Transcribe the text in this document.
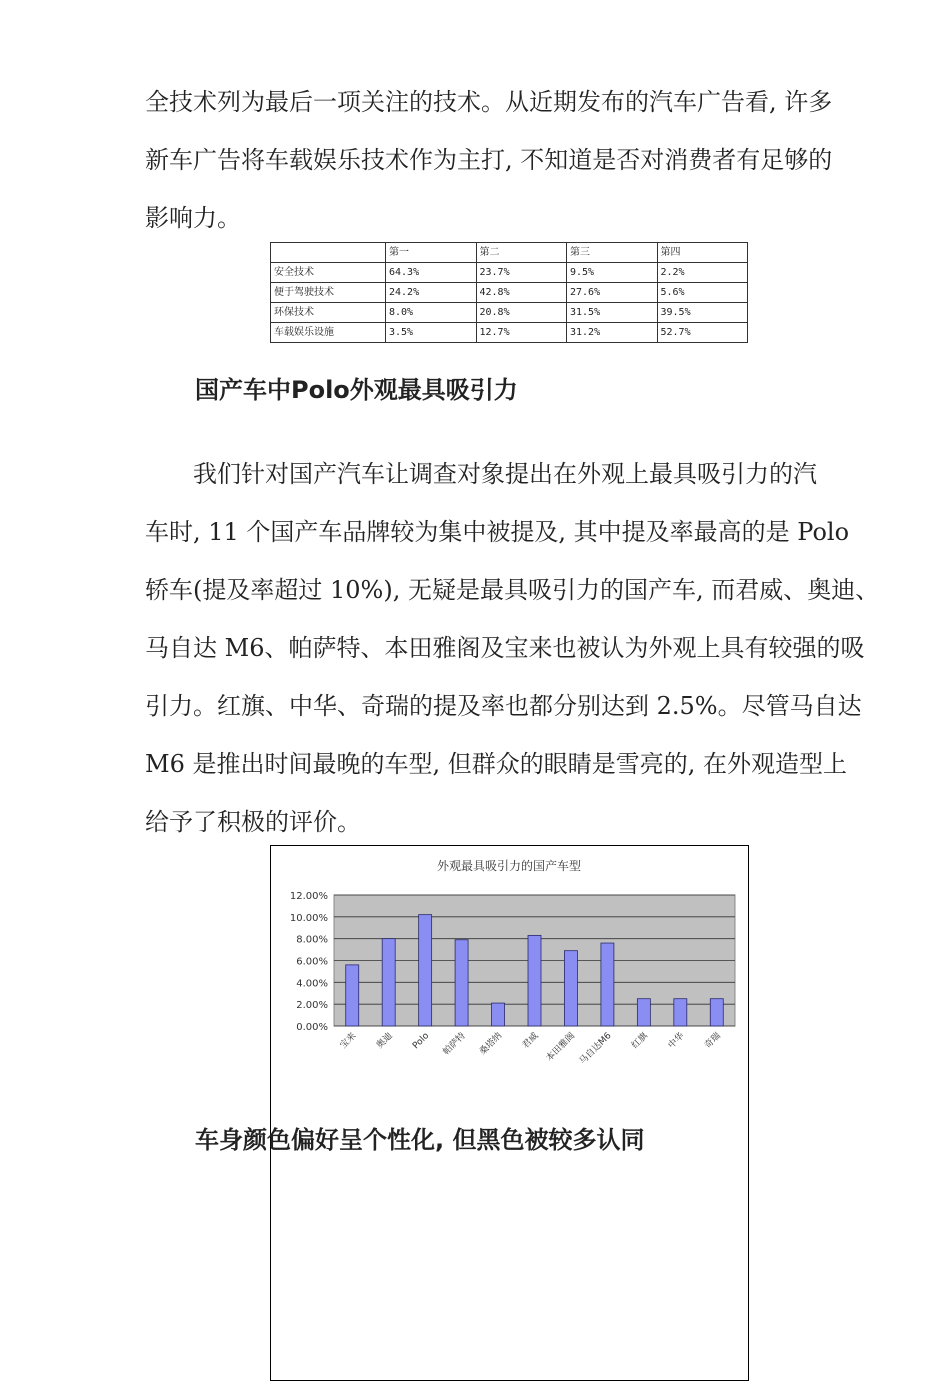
全技术列为最后一项关注的技术。从近期发布的汽车广告看, 许多
新车广告将车载娱乐技术作为主打, 不知道是否对消费者有足够的
影响力。
	第一	第二	第三	第四
安全技术	64.3%	23.7%	9.5%	2.2%
便于驾驶技术	24.2%	42.8%	27.6%	5.6%
环保技术	8.0%	20.8%	31.5%	39.5%
车载娱乐设施	3.5%	12.7%	31.2%	52.7%
国产车中Polo外观最具吸引力
我们针对国产汽车让调查对象提出在外观上最具吸引力的汽
车时, 11 个国产车品牌较为集中被提及, 其中提及率最高的是 Polo
轿车(提及率超过 10%), 无疑是最具吸引力的国产车, 而君威、奥迪、
马自达 M6、帕萨特、本田雅阁及宝来也被认为外观上具有较强的吸
引力。红旗、中华、奇瑞的提及率也都分别达到 2.5%。尽管马自达
M6 是推出时间最晚的车型, 但群众的眼睛是雪亮的, 在外观造型上
给予了积极的评价。
外观最具吸引力的国产车型
12.00%
10.00%
8.00%
6.00%
4.00%
2.00%
0.00%
宝来 奥迪 Polo 帕萨特 桑塔纳 君威 本田雅阁 马自达M6 红旗 中华 奇瑞
车身颜色偏好呈个性化, 但黑色被较多认同
